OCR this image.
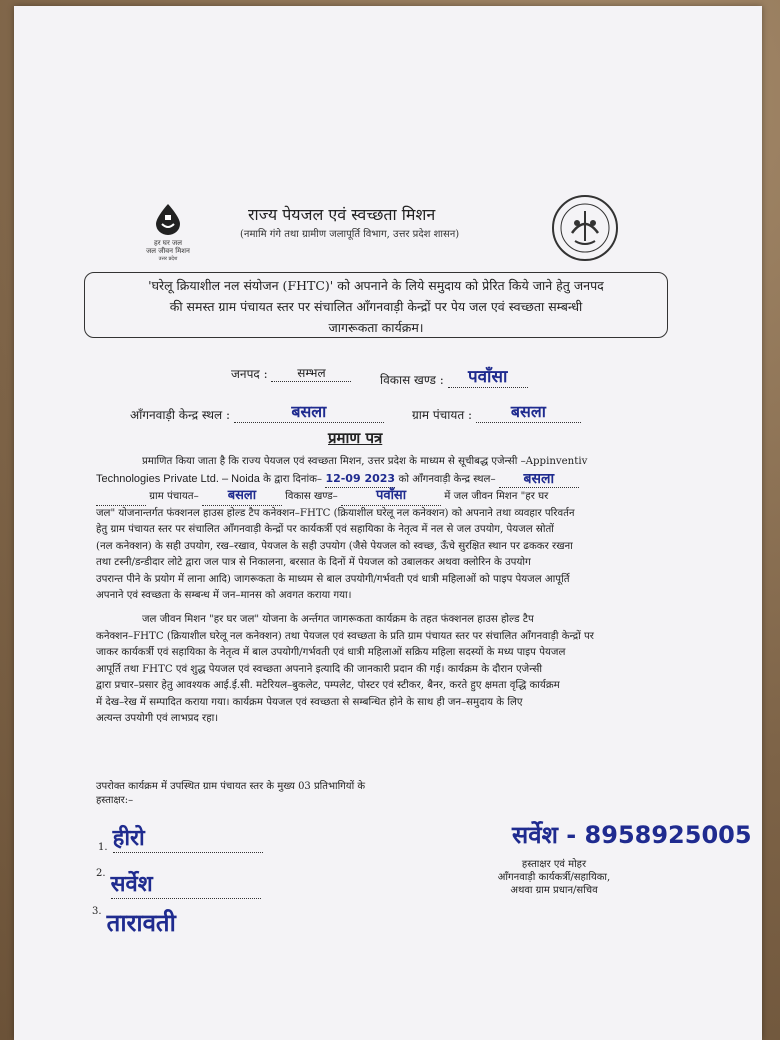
हर घर जल
जल जीवन मिशन
उत्तर प्रदेश
राज्य पेयजल एवं स्वच्छता मिशन
(नमामि गंगे तथा ग्रामीण जलापूर्ति विभाग, उत्तर प्रदेश शासन)
'घरेलू क्रियाशील नल संयोजन (FHTC)' को अपनाने के लिये समुदाय को प्रेरित किये जाने हेतु जनपद
की समस्त ग्राम पंचायत स्तर पर संचालित आँगनवाड़ी केन्द्रों पर पेय जल एवं स्वच्छता सम्बन्धी
जागरूकता कार्यक्रम।
जनपद : सम्भल	विकास खण्ड : पवाँसा
आँगनवाड़ी केन्द्र स्थल :	बसला	ग्राम पंचायत : बसला
प्रमाण पत्र
प्रमाणित किया जाता है कि राज्य पेयजल एवं स्वच्छता मिशन, उत्तर प्रदेश के माध्यम से सूचीबद्ध एजेन्सी –Appinventiv
Technologies Private Ltd. – Noida के द्वारा दिनांक– 12-09 2023 को आँगनवाड़ी केन्द्र स्थल– बसला
ग्राम पंचायत– बसला	विकास खण्ड–	पवाँसा	में जल जीवन मिशन "हर घर
जल" योजनान्तर्गत फंक्शनल हाउस होल्ड टैप कनेक्शन–FHTC (क्रियाशील घरेलू नल कनेक्शन) को अपनाने तथा व्यवहार परिवर्तन
हेतु ग्राम पंचायत स्तर पर संचालित आँगनवाड़ी केन्द्रों पर कार्यकर्त्री एवं सहायिका के नेतृत्व में नल से जल उपयोग, पेयजल स्रोतों
(नल कनेक्शन) के सही उपयोग, रख–रखाव, पेयजल के सही उपयोग (जैसे पेयजल को स्वच्छ, ऊँचे सुरक्षित स्थान पर ढककर रखना
तथा टस्नी/डन्डीदार लोटे द्वारा जल पात्र से निकालना, बरसात के दिनों में पेयजल को उबालकर अथवा क्लोरिन के उपयोग
उपरान्त पीने के प्रयोग में लाना आदि) जागरूकता के माध्यम से बाल उपयोगी/गर्भवती एवं धात्री महिलाओं को पाइप पेयजल आपूर्ति
अपनाने एवं स्वच्छता के सम्बन्ध में जन–मानस को अवगत कराया गया।
जल जीवन मिशन "हर घर जल" योजना के अर्न्तगत जागरूकता कार्यक्रम के तहत फंक्शनल हाउस होल्ड टैप
कनेक्शन–FHTC (क्रियाशील घरेलू नल कनेक्शन) तथा पेयजल एवं स्वच्छता के प्रति ग्राम पंचायत स्तर पर संचालित आँगनवाड़ी केन्द्रों पर
जाकर कार्यकर्त्री एवं सहायिका के नेतृत्व में बाल उपयोगी/गर्भवती एवं धात्री महिलाओं सक्रिय महिला सदस्यों के मध्य पाइप पेयजल
आपूर्ति तथा FHTC एवं शुद्ध पेयजल एवं स्वच्छता अपनाने इत्यादि की जानकारी प्रदान की गई। कार्यक्रम के दौरान एजेन्सी
द्वारा प्रचार–प्रसार हेतु आवश्यक आई.ई.सी. मटेरियल–बुकलेट, पम्पलेट, पोस्टर एवं स्टीकर, बैनर, करते हुए क्षमता वृद्धि कार्यक्रम
में देख–रेख में सम्पादित कराया गया। कार्यक्रम पेयजल एवं स्वच्छता से सम्बन्धित होने के साथ ही जन–समुदाय के लिए
अत्यन्त उपयोगी एवं लाभप्रद रहा।
उपरोक्त कार्यक्रम में उपस्थित ग्राम पंचायत स्तर के मुख्य 03 प्रतिभागियों के
हस्ताक्षर:–
1. हीरो
$^{2.}$ सर्वेश
$^{3.}$ ताराव‍ती
सर्वेश - 8958925005
हस्ताक्षर एवं मोहर
आँगनवाड़ी कार्यकर्त्री/सहायिका,
अथवा ग्राम प्रधान/सचिव
